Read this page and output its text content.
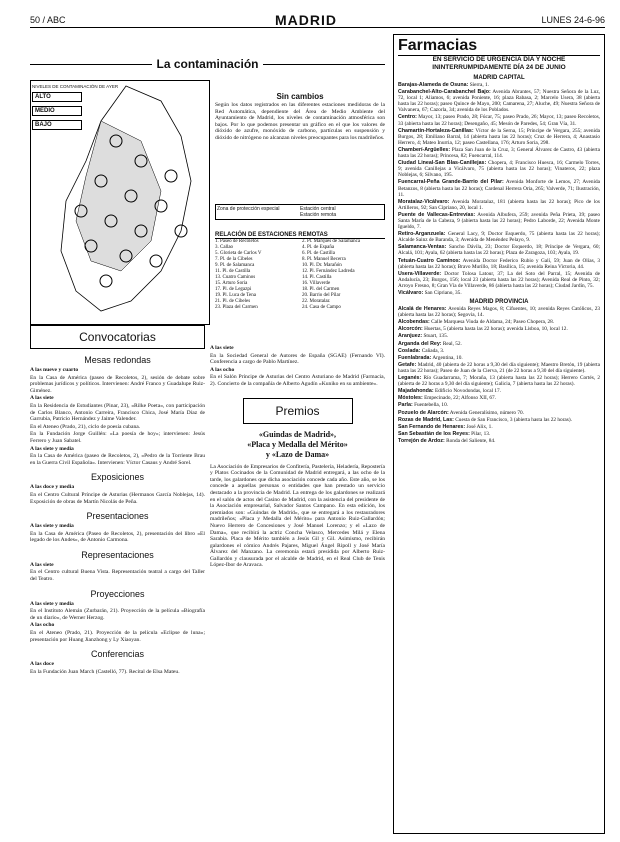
50 / ABC	MADRID	LUNES 24-6-96
La contaminación
NIVELES DE CONTAMINACIÓN DE AYER
ALTO
MEDIO
BAJO
Sin cambios
Según los datos registrados en las diferentes estaciones medidoras de la Red Automática, dependiente del Área de Medio Ambiente del Ayuntamiento de Madrid, los niveles de contaminación atmosférica son bajos. Por lo que podemos presentar un gráfico en el que los valores de dióxido de azufre, monóxido de carbono, partículas en suspensión y dióxido de nitrógeno no alcanzan niveles preocupantes para los madrileños.
Zona de protección especial	Estación central
Estación remota
RELACIÓN DE ESTACIONES REMOTAS
1. Paseo de Recoletos	2. Pl. Marqués de Salamanca
3. Callao	4. Pl. de España
5. Glorieta de Carlos V	6. Pl. de Castilla
7. Pl. de la Cibeles	8. Pl. Manuel Becerra
9. Pl. de Salamanca	10. Pl. Dr. Marañón
11. Pl. de Castilla	12. Pl. Fernández Ladreda
13. Cuatro Caminos	14. Pl. Castilla
15. Arturo Soria	16. Villaverde
17. Pl. de Legazpi	18. Pl. del Carmen
19. Pl. Luca de Tena	20. Barrio del Pilar
21. Pl. de Cibeles	22. Moratalaz
23. Plaza del Carmen	24. Casa de Campo
Convocatorias
Mesas redondas

A las nueve y cuarto

En la Casa de América (paseo de Recoletos, 2), sesión de debate sobre problemas jurídicos y políticos. Intervienen: André Franco y Guadalupe Ruiz-Giménez.

A las siete

En la Residencia de Estudiantes (Pinar, 23), «Rilke Poeta», con participación de Carlos Blanco, Antonio Carreira, Francisco Chica, José María Díaz de Garrubia, Patricio Hernández y Jaime Valender.

En el Ateneo (Prado, 21), ciclo de poesía cubana.

En la Fundación Jorge Guillén: «La poesía de hoy»; intervienen: Jesús Ferrero y Juan Sabatel.

A las siete y media

En la Casa de América (paseo de Recoletos, 2), «Pedro de la Torriente Brau en la Guerra Civil Española». Intervienen: Víctor Casaus y André Sorel.

Exposiciones

A las doce y media

En el Centro Cultural Príncipe de Asturias (Hermanos García Noblejas, 14). Exposición de obras de Martín Nicolás de Peña.

Presentaciones

A las siete y media

En la Casa de América (Paseo de Recoletos, 2), presentación del libro «El legado de los Andes», de Antonio Carmona.

Representaciones

A las siete

En el Centro cultural Buena Vista. Representación teatral a cargo del Taller del Teatro.

Proyecciones

A las siete y media

En el Instituto Alemán (Zurbarán, 21). Proyección de la película «Biografía de un diario», de Werner Herzog.

A las ocho

En el Ateneo (Prado, 21). Proyección de la película «Eclipse de luna»; presentación por Huang Jianzhong y Ly Xiaoyan.

Conferencias

A las doce

En la Fundación Juan March (Castelló, 77). Recital de Elsa Mateu.

A las siete

En la Sociedad General de Autores de España (SGAE) (Fernando VI). Conferencia a cargo de Pablo Martínez.

A las ocho

En el Salón Príncipe de Asturias del Centro Asturiano de Madrid (Farmacia, 2). Concierto de la compañía de Alberto Agudín «Kuniko en su ambiente».

Premios
«Guindas de Madrid»,
«Placa y Medalla del Mérito»
y «Lazo de Dama»
La Asociación de Empresarios de Confitería, Pastelería, Heladería, Repostería y Platos Cocinados de la Comunidad de Madrid entregará, a las ocho de la tarde, los galardones que dicha asociación concede cada año. Este año, se los concede a aquellas personas o entidades que han prestado un servicio destacado a la provincia de Madrid. La entrega de los galardones se realizará en el salón de actos del Casino de Madrid, con la asistencia del presidente de la Asociación empresarial, Salvador Santos Campano. En esta edición, los premiados son: «Guindas de Madrid», que se entregará a los restauradores madrileños; «Placa y Medalla del Mérito» para Antonio Ruiz-Gallardón; Nuevo Herrero de Concesiones y José Manuel Lorenzo; y el «Lazo de Dama», que recibirá la actriz Concha Velasco, Mercedes Milá y Elena Sarabia. Placa de Mérito también a Jesús Gil y Gil. Asimismo, recibirán galardones el cómico Andrés Pajares, Miguel Ángel Ripoll y José María Álvarez del Manzano. La ceremonia estará presidida por Alberto Ruiz-Gallardón y clausurada por el alcalde de Madrid, en el Real Club de Tenis López-Ibor de Aravaca.
Farmacias
EN SERVICIO DE URGENCIA DÍA Y NOCHE ININTERRUMPIDAMENTE DÍA 24 DE JUNIO
MADRID CAPITAL

Barajas-Alameda de Osuna: Sierra, 1.

Carabanchel-Alto-Carabanchel Bajo: Avenida Abrantes, 57; Nuestra Señora de la Luz, 72, local 1; Aliamos, 6; avenida Poniente, 16; plaza Rabasa, 2; Marcelo Usera, 38 (abierta hasta las 22 horas); paseo Quince de Mayo, 200; Camarena, 27; Aluche, 49; Nuestra Señora de Valvanera, 67; Cazorla, 34; avenida de los Poblados.

Centro: Mayor, 13; paseo Prado, 28; Fúcar, 75; paseo Prado, 26; Mayor, 13; paseo Recoletos, 33 (abierta hasta las 22 horas); Desengaño, 45; Mesón de Paredes, 54; Gran Vía, 31.

Chamartín-Hortaleza-Canillas: Víctor de la Serna, 15; Príncipe de Vergara, 255; avenida Burgos, 28; Emiliano Barral, 14 (abierta hasta las 22 horas); Cruz de Herrera, 4; Anastasio Herrero, 4; Mateo Inurria, 12; paseo Castellana, 176; Arturo Soria, 298.

Chamberí-Argüelles: Plaza San Juan de la Cruz, 3; General Álvarez de Castro, 43 (abierta hasta las 22 horas); Princesa, 82; Fuencarral, 114.

Ciudad Lineal-San Blas-Canillejas: Chopera, 4; Francisco Huesca, 16; Carmelo Torres, 9; avenida Canillejas a Vicálvaro, 75 (abierta hasta las 22 horas); Vinateros, 22; plaza Noblejas, 6; Silvano, 195.

Fuencarral-Peña Grande-Barrio del Pilar: Avenida Monforte de Lemos, 27; Avenida Betanzos, 8 (abierta hasta las 22 horas); Cardenal Herrera Oria, 265; Valverde, 71; Ilustración, 11.

Moratalaz-Vicálvaro: Avenida Moratalaz, 181 (abierta hasta las 22 horas); Pico de los Artilleros, 92; San Cipriano, 20, local 1.

Puente de Vallecas-Entrevías: Avenida Albufera, 259; avenida Peña Prieta, 39; paseo Santa María de la Cabeza, 9 (abierta hasta las 22 horas); Pedro Laborde, 22; Avenida Monte Igueldo, 7.

Retiro-Arganzuela: General Lacy, 9; Doctor Esquerdo, 75 (abierta hasta las 22 horas); Alcalde Sainz de Baranda, 3; Avenida de Menéndez Pelayo, 9.

Salamanca-Ventas: Sancho Dávila, 23; Doctor Esquerdo, 18; Príncipe de Vergara, 60; Alcalá, 101; Ayala, 62 (abierta hasta las 22 horas); Plaza de Zaragoza, 103; Ayala, 19.

Tetuán-Cuatro Caminos: Avenida Doctor Federico Rubio y Galí, 59; Juan de Olías, 3 (abierta hasta las 22 horas); Bravo Murillo, 18; Basílica, 15; avenida Reina Victoria, 44.

Usera-Villaverde: Doctor Tolosa Latour, 37; La del Soto del Parral, 15; Avenida de Andalucía, 23; Burgos, 156; local 23 (abierta hasta las 22 horas); Avenida Real de Pinto, 32; Arroyo Fresno, 8; Gran Vía de Villaverde, 86 (abierta hasta las 22 horas); Ciudad Jardín, 75.

Vicálvaro: San Cipriano, 35.

MADRID PROVINCIA

Alcalá de Henares: Avenida Reyes Magos, 8; Cifuentes, 10; avenida Reyes Católicos, 23 (abierta hasta las 22 horas); Segovia, 14.

Alcobendas: Calle Marquesa Viuda de Aldama, 24; Paseo Chopera, 28.

Alcorcón: Huertas, 5 (abierta hasta las 22 horas); avenida Lisboa, 10, local 12.

Aranjuez: Stuart, 135.

Arganda del Rey: Real, 52.

Coslada: Cañada, 3.

Fuenlabrada: Argentina, 10.

Getafe: Madrid, 40 (abierta de 22 horas a 9,30 del día siguiente); Maestro Bretón, 19 (abierta hasta las 22 horas); Paseo de Juan de la Cierva, 21 (de 22 horas a 9,30 del día siguiente).

Leganés: Río Guadarrama, 7; Moraña, 13 (abierta hasta las 22 horas); Herrero Cortés, 2 (abierta de 22 horas a 9,30 del día siguiente); Galicia, 7 (abierta hasta las 22 horas).

Majadahonda: Edificio Novodondas, local 17.

Móstoles: Empecinado, 22; Alfonso XII, 67.

Parla: Fuentebella, 10.

Pozuelo de Alarcón: Avenida Generalísimo, número 70.

Rozas de Madrid, Las: Cuesta de San Francisco, 3 (abierta hasta las 22 horas).

San Fernando de Henares: José Alix, 1.

San Sebastián de los Reyes: Pilar, 13.

Torrejón de Ardoz: Ronda del Saliente, 84.
